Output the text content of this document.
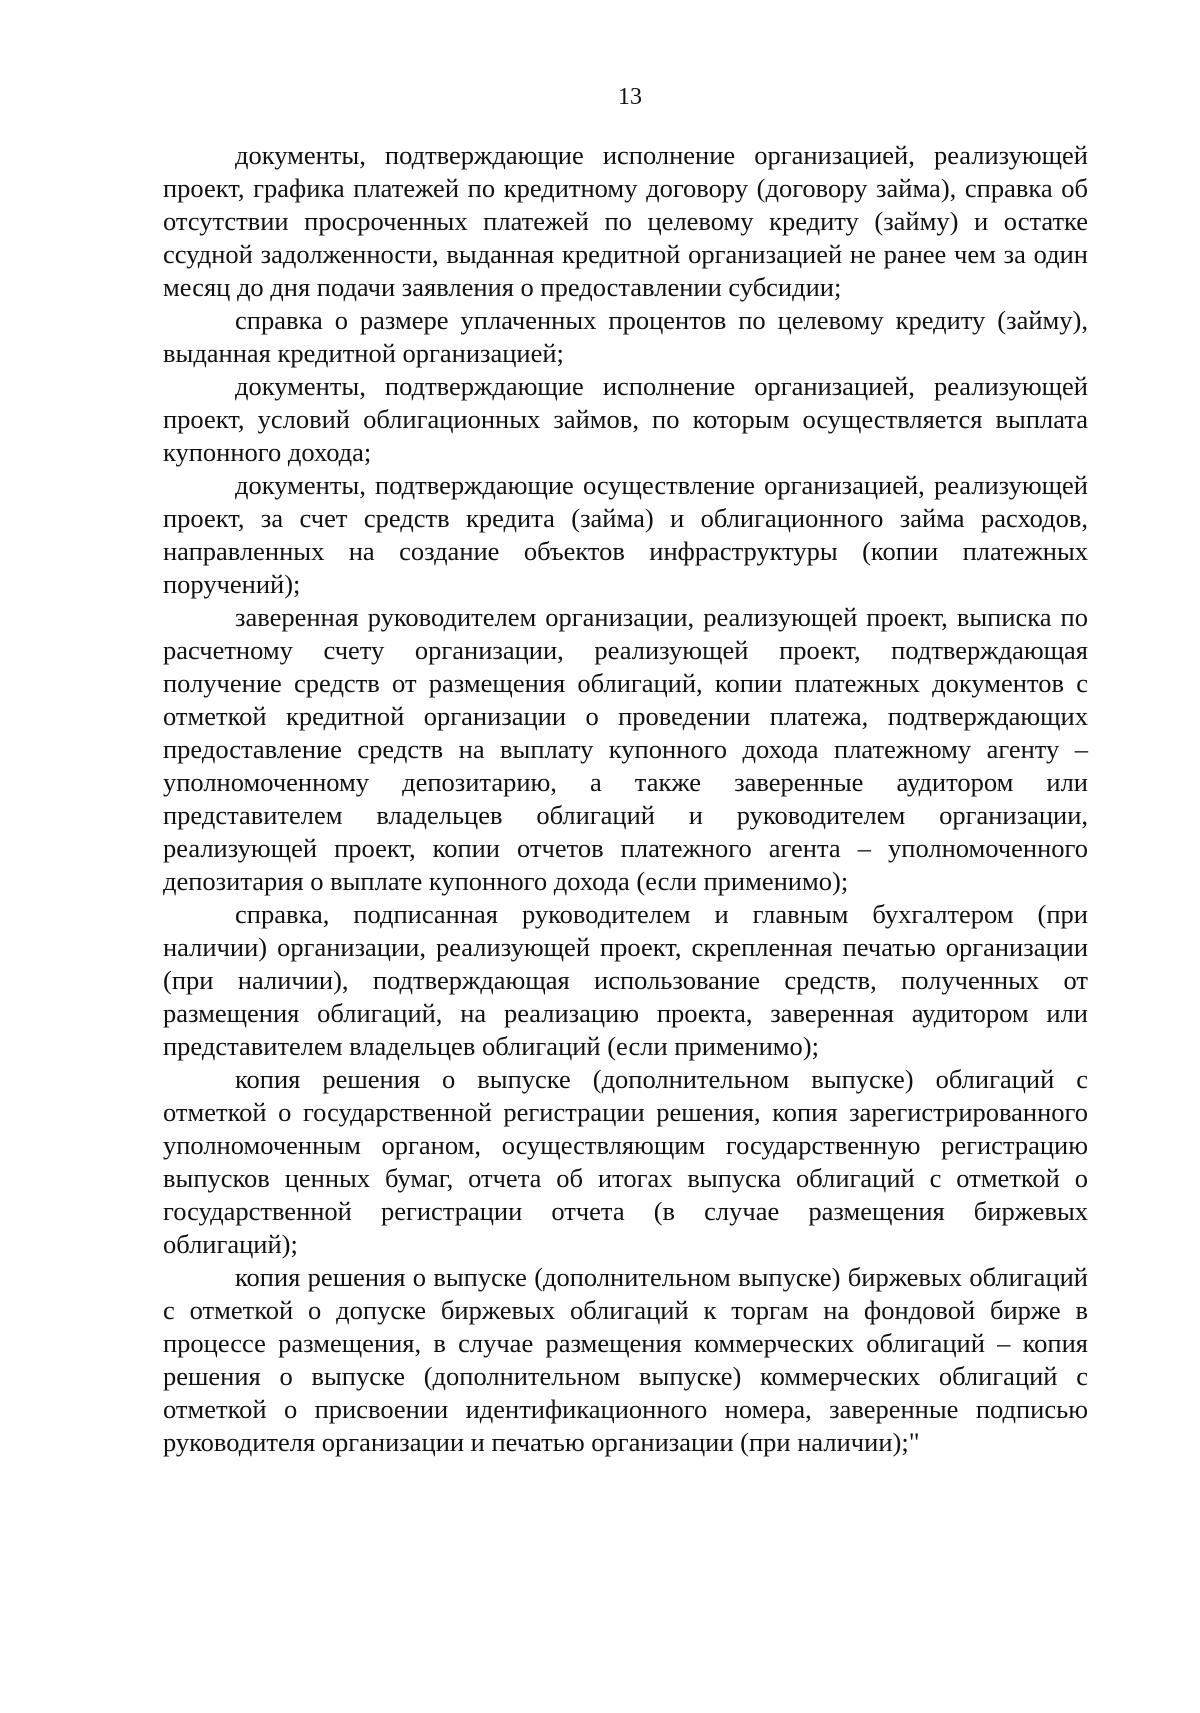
13

документы, подтверждающие исполнение организацией, реализующей проект, графика платежей по кредитному договору (договору займа), справка об отсутствии просроченных платежей по целевому кредиту (займу) и остатке ссудной задолженности, выданная кредитной организацией не ранее чем за один месяц до дня подачи заявления о предоставлении субсидии;

справка о размере уплаченных процентов по целевому кредиту (займу), выданная кредитной организацией;

документы, подтверждающие исполнение организацией, реализующей проект, условий облигационных займов, по которым осуществляется выплата купонного дохода;

документы, подтверждающие осуществление организацией, реализующей проект, за счет средств кредита (займа) и облигационного займа расходов, направленных на создание объектов инфраструктуры (копии платежных поручений);

заверенная руководителем организации, реализующей проект, выписка по расчетному счету организации, реализующей проект, подтверждающая получение средств от размещения облигаций, копии платежных документов с отметкой кредитной организации о проведении платежа, подтверждающих предоставление средств на выплату купонного дохода платежному агенту – уполномоченному депозитарию, а также заверенные аудитором или представителем владельцев облигаций и руководителем организации, реализующей проект, копии отчетов платежного агента – уполномоченного депозитария о выплате купонного дохода (если применимо);

справка, подписанная руководителем и главным бухгалтером (при наличии) организации, реализующей проект, скрепленная печатью организации (при наличии), подтверждающая использование средств, полученных от размещения облигаций, на реализацию проекта, заверенная аудитором или представителем владельцев облигаций (если применимо);

копия решения о выпуске (дополнительном выпуске) облигаций с отметкой о государственной регистрации решения, копия зарегистрированного уполномоченным органом, осуществляющим государственную регистрацию выпусков ценных бумаг, отчета об итогах выпуска облигаций с отметкой о государственной регистрации отчета (в случае размещения биржевых облигаций);

копия решения о выпуске (дополнительном выпуске) биржевых облигаций с отметкой о допуске биржевых облигаций к торгам на фондовой бирже в процессе размещения, в случае размещения коммерческих облигаций – копия решения о выпуске (дополнительном выпуске) коммерческих облигаций с отметкой о присвоении идентификационного номера, заверенные подписью руководителя организации и печатью организации (при наличии);"
